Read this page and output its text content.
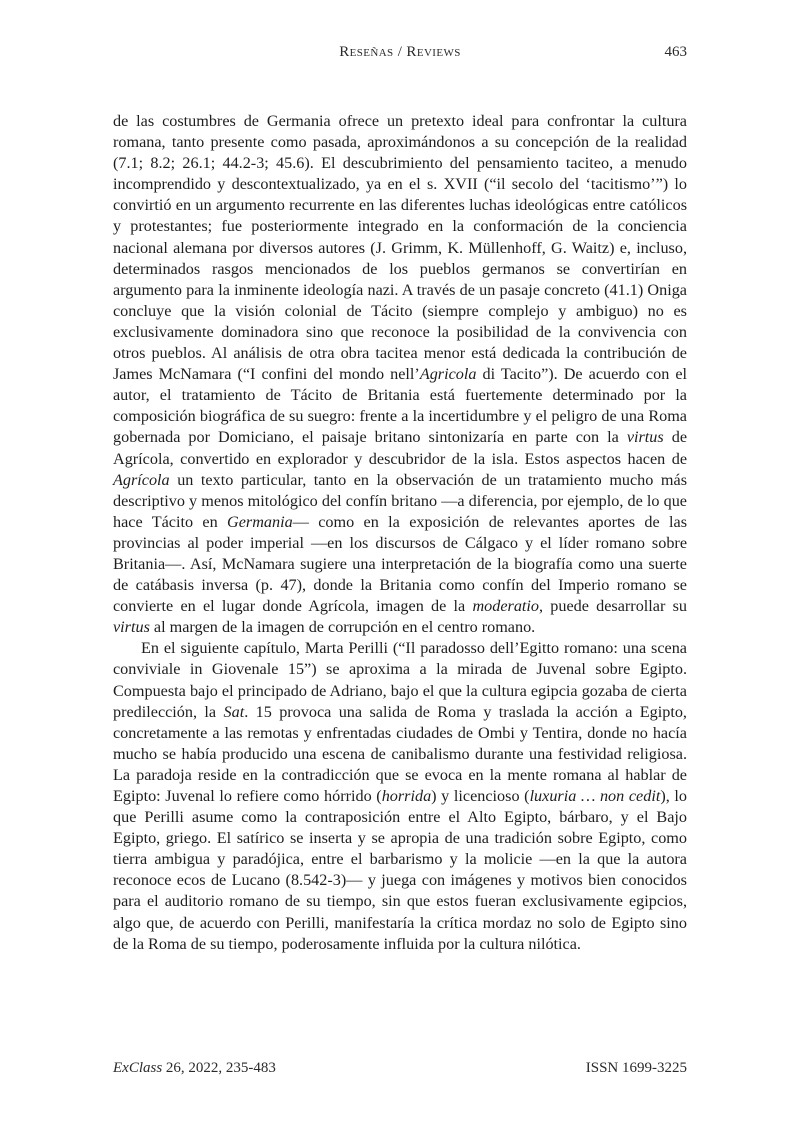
Reseñas / Reviews	463

de las costumbres de Germania ofrece un pretexto ideal para confrontar la cultura romana, tanto presente como pasada, aproximándonos a su concepción de la realidad (7.1; 8.2; 26.1; 44.2-3; 45.6). El descubrimiento del pensamiento taciteo, a menudo incomprendido y descontextualizado, ya en el s. XVII (“il secolo del ‘tacitismo’”) lo convirtió en un argumento recurrente en las diferentes luchas ideológicas entre católicos y protestantes; fue posteriormente integrado en la conformación de la conciencia nacional alemana por diversos autores (J. Grimm, K. Müllenhoff, G. Waitz) e, incluso, determinados rasgos mencionados de los pueblos germanos se convertirían en argumento para la inminente ideología nazi. A través de un pasaje concreto (41.1) Oniga concluye que la visión colonial de Tácito (siempre complejo y ambiguo) no es exclusivamente dominadora sino que reconoce la posibilidad de la convivencia con otros pueblos. Al análisis de otra obra tacitea menor está dedicada la contribución de James McNamara (“I confini del mondo nell’Agricola di Tacito”). De acuerdo con el autor, el tratamiento de Tácito de Britania está fuertemente determinado por la composición biográfica de su suegro: frente a la incertidumbre y el peligro de una Roma gobernada por Domiciano, el paisaje britano sintonizaría en parte con la virtus de Agrícola, convertido en explorador y descubridor de la isla. Estos aspectos hacen de Agrícola un texto particular, tanto en la observación de un tratamiento mucho más descriptivo y menos mitológico del confín britano —a diferencia, por ejemplo, de lo que hace Tácito en Germania— como en la exposición de relevantes aportes de las provincias al poder imperial —en los discursos de Cálgaco y el líder romano sobre Britania—. Así, McNamara sugiere una interpretación de la biografía como una suerte de catábasis inversa (p. 47), donde la Britania como confín del Imperio romano se convierte en el lugar donde Agrícola, imagen de la moderatio, puede desarrollar su virtus al margen de la imagen de corrupción en el centro romano.

En el siguiente capítulo, Marta Perilli (“Il paradosso dell’Egitto romano: una scena conviviale in Giovenale 15”) se aproxima a la mirada de Juvenal sobre Egipto. Compuesta bajo el principado de Adriano, bajo el que la cultura egipcia gozaba de cierta predilección, la Sat. 15 provoca una salida de Roma y traslada la acción a Egipto, concretamente a las remotas y enfrentadas ciudades de Ombi y Tentira, donde no hacía mucho se había producido una escena de canibalismo durante una festividad religiosa. La paradoja reside en la contradicción que se evoca en la mente romana al hablar de Egipto: Juvenal lo refiere como hórrido (horrida) y licencioso (luxuria … non cedit), lo que Perilli asume como la contraposición entre el Alto Egipto, bárbaro, y el Bajo Egipto, griego. El satírico se inserta y se apropia de una tradición sobre Egipto, como tierra ambigua y paradójica, entre el barbarismo y la molicie —en la que la autora reconoce ecos de Lucano (8.542-3)— y juega con imágenes y motivos bien conocidos para el auditorio romano de su tiempo, sin que estos fueran exclusivamente egipcios, algo que, de acuerdo con Perilli, manifestaría la crítica mordaz no solo de Egipto sino de la Roma de su tiempo, poderosamente influida por la cultura nilótica.

ExClass 26, 2022, 235-483	ISSN 1699-3225
